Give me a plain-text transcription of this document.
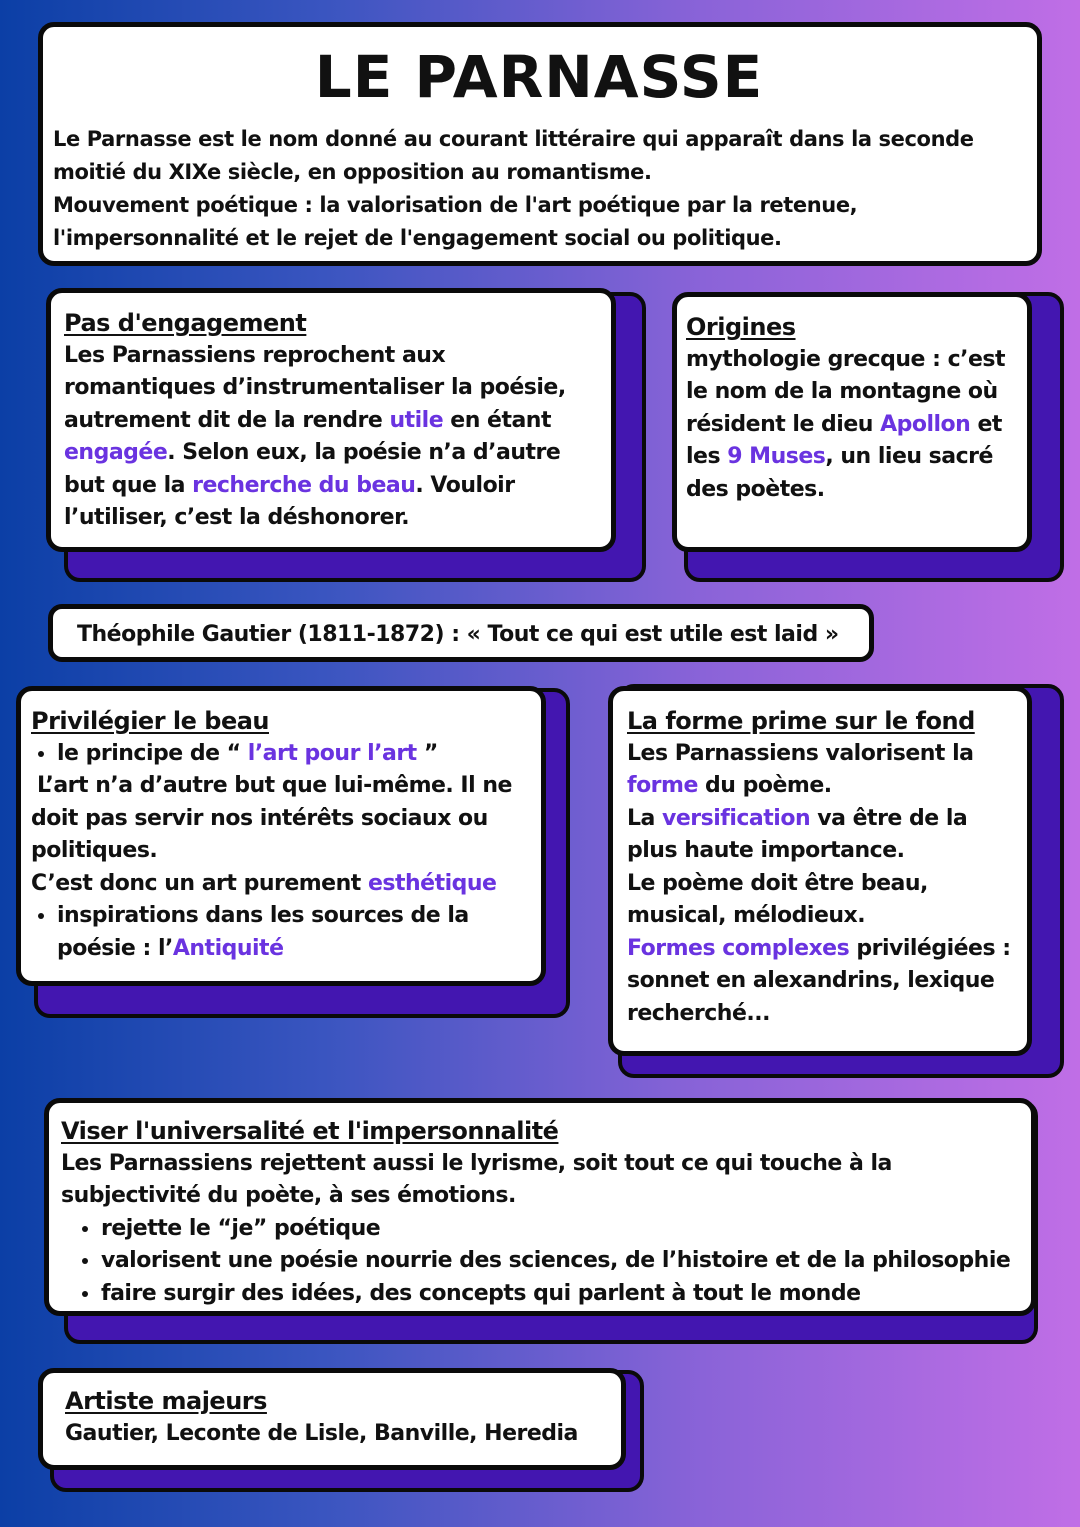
LE PARNASSE
Le Parnasse est le nom donné au courant littéraire qui apparaît dans la seconde moitié du XIXe siècle, en opposition au romantisme.
Mouvement poétique : la valorisation de l'art poétique par la retenue, l'impersonnalité et le rejet de l'engagement social ou politique.
Pas d'engagement
Les Parnassiens reprochent aux romantiques d’instrumentaliser la poésie, autrement dit de la rendre utile en étant engagée. Selon eux, la poésie n’a d’autre but que la recherche du beau. Vouloir l’utiliser, c’est la déshonorer.
Origines
mythologie grecque : c’est le nom de la montagne où résident le dieu Apollon et les 9 Muses, un lieu sacré des poètes.
Théophile Gautier (1811-1872) : « Tout ce qui est utile est laid »
Privilégier le beau
• le principe de “ l’art pour l’art ”
L’art n’a d’autre but que lui-même. Il ne doit pas servir nos intérêts sociaux ou politiques.
C’est donc un art purement esthétique
• inspirations dans les sources de la poésie : l’Antiquité
La forme prime sur le fond
Les Parnassiens valorisent la forme du poème.
La versification va être de la plus haute importance.
Le poème doit être beau, musical, mélodieux.
Formes complexes privilégiées : sonnet en alexandrins, lexique recherché...
Viser l'universalité et l'impersonnalité
Les Parnassiens rejettent aussi le lyrisme, soit tout ce qui touche à la subjectivité du poète, à ses émotions.
• rejette le “je” poétique
• valorisent une poésie nourrie des sciences, de l’histoire et de la philosophie
• faire surgir des idées, des concepts qui parlent à tout le monde
Artiste majeurs
Gautier, Leconte de Lisle, Banville, Heredia
